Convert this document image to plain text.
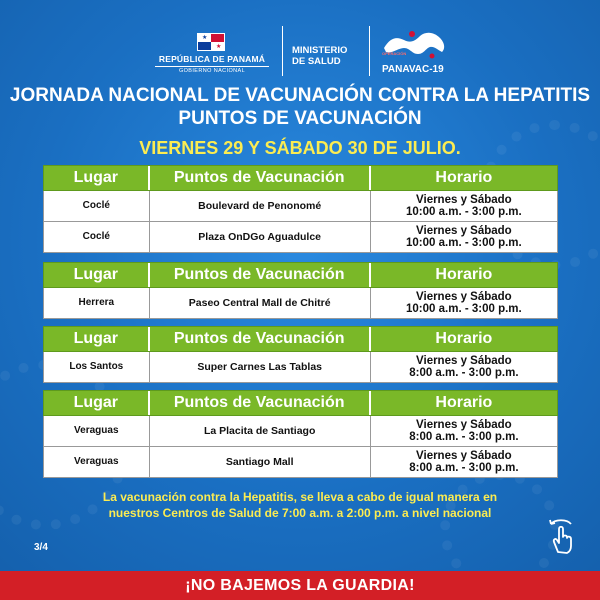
★
★
REPÚBLICA DE PANAMÁ
GOBIERNO NACIONAL
MINISTERIO
DE SALUD
OPERACIÓN
PANAVAC-19
JORNADA NACIONAL DE VACUNACIÓN CONTRA LA HEPATITIS
PUNTOS DE VACUNACIÓN
VIERNES 29 Y SÁBADO 30 DE JULIO.
Lugar	Puntos de Vacunación	Horario
Coclé	Boulevard de Penonomé	Viernes y Sábado
10:00 a.m. - 3:00 p.m.
Coclé	Plaza OnDGo Aguadulce	Viernes y Sábado
10:00 a.m. - 3:00 p.m.
Lugar	Puntos de Vacunación	Horario
Herrera	Paseo Central Mall de Chitré	Viernes y Sábado
10:00 a.m. - 3:00 p.m.
Lugar	Puntos de Vacunación	Horario
Los Santos	Super Carnes Las Tablas	Viernes y Sábado
8:00 a.m. - 3:00 p.m.
Lugar	Puntos de Vacunación	Horario
Veraguas	La Placita de Santiago	Viernes y Sábado
8:00 a.m. - 3:00 p.m.
Veraguas	Santiago Mall	Viernes y Sábado
8:00 a.m. - 3:00 p.m.
La vacunación contra la Hepatitis, se lleva a cabo de igual manera en
nuestros Centros de Salud de 7:00 a.m. a 2:00 p.m. a nivel nacional
3/4
¡NO BAJEMOS LA GUARDIA!
